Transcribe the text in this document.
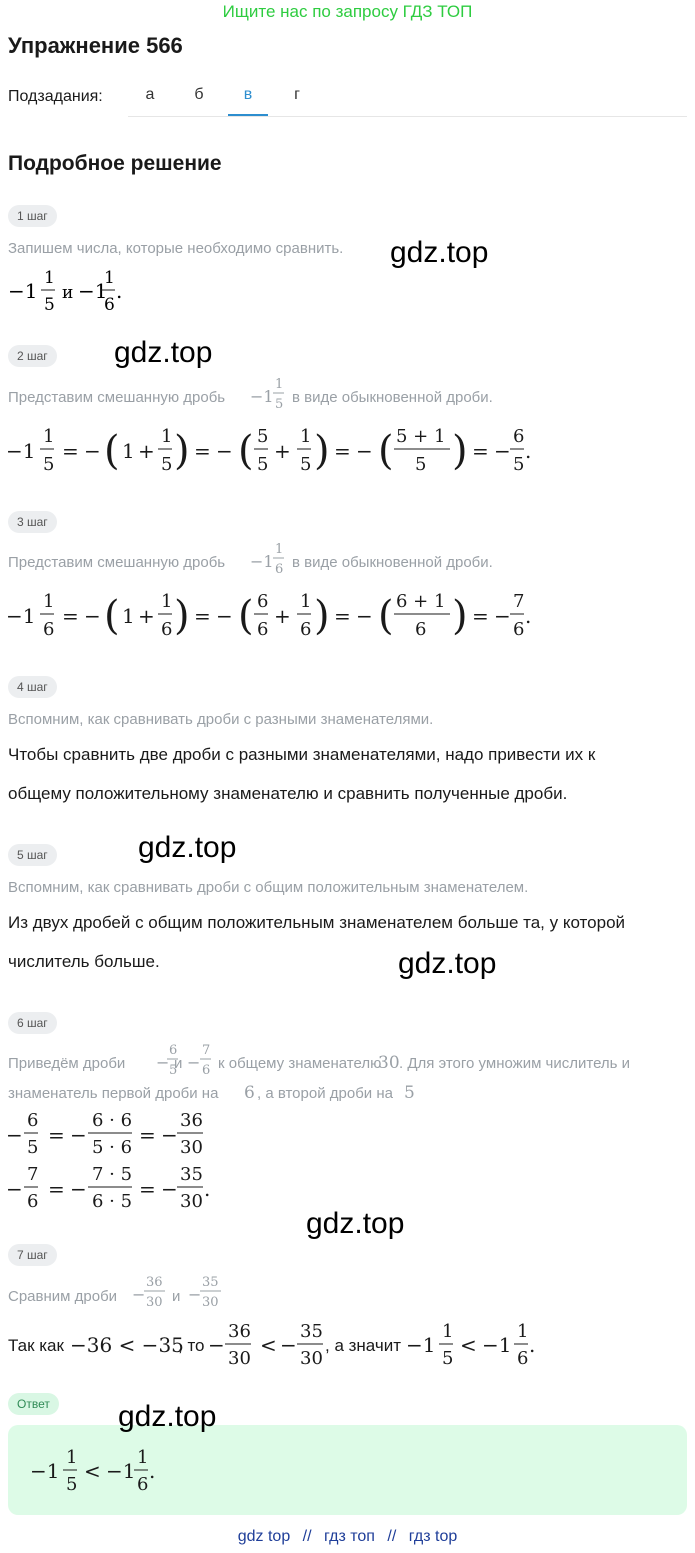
Ищите нас по запросу ГДЗ ТОП
Упражнение 566
Подзадания:	а	б	в	г
Подробное решение
1 шаг
Запишем числа, которые необходимо сравнить. gdz.top
−1
1
5
и −1
1
6
.
2 шаг	gdz.top
Представим смешанную дробь −1
1
5 в виде обыкновенной дроби.
−1
1
5
= − ( 1 +
1
5 ) = − ( 5
5
+
1
5 ) = − ( 5 + 1
5 ) = −
6
5
.
3 шаг
Представим смешанную дробь −1
1
6 в виде обыкновенной дроби.
−1
1
6
= − ( 1 +
1
6 ) = − ( 6
6
+
1
6 ) = − ( 6 + 1
6 ) = −
7
6
.
4 шаг
Вспомним, как сравнивать дроби с разными знаменателями.
Чтобы сравнить две дроби с разными знаменателями, надо привести их к
общему положительному знаменателю и сравнить полученные дроби.
5 шаг	gdz.top
Вспомним, как сравнивать дроби с общим положительным знаменателем.
Из двух дробей с общим положительным знаменателем больше та, у которой
числитель больше.	gdz.top
6 шаг
Приведём дроби −
6
5
и −
7
6 к общему знаменателю
30 . Для этого умножим числитель и
знаменатель первой дроби на 6 , а второй дроби на 5
−
6
5
= −
6 · 6
5 · 6
= −
36
30
−
7
6
= −
7 · 5
6 · 5
= −
35
30
.
gdz.top
7 шаг
Сравним дроби −
36
30 и −
35
30
Так как −36 < −35
, то −
36
30
< −
35
30
, а значит −1
1
5
< −1
1
6
.
Ответ	gdz.top
−1
1
5
< −1
1
6
.
gdz top // гдз топ // гдз top
